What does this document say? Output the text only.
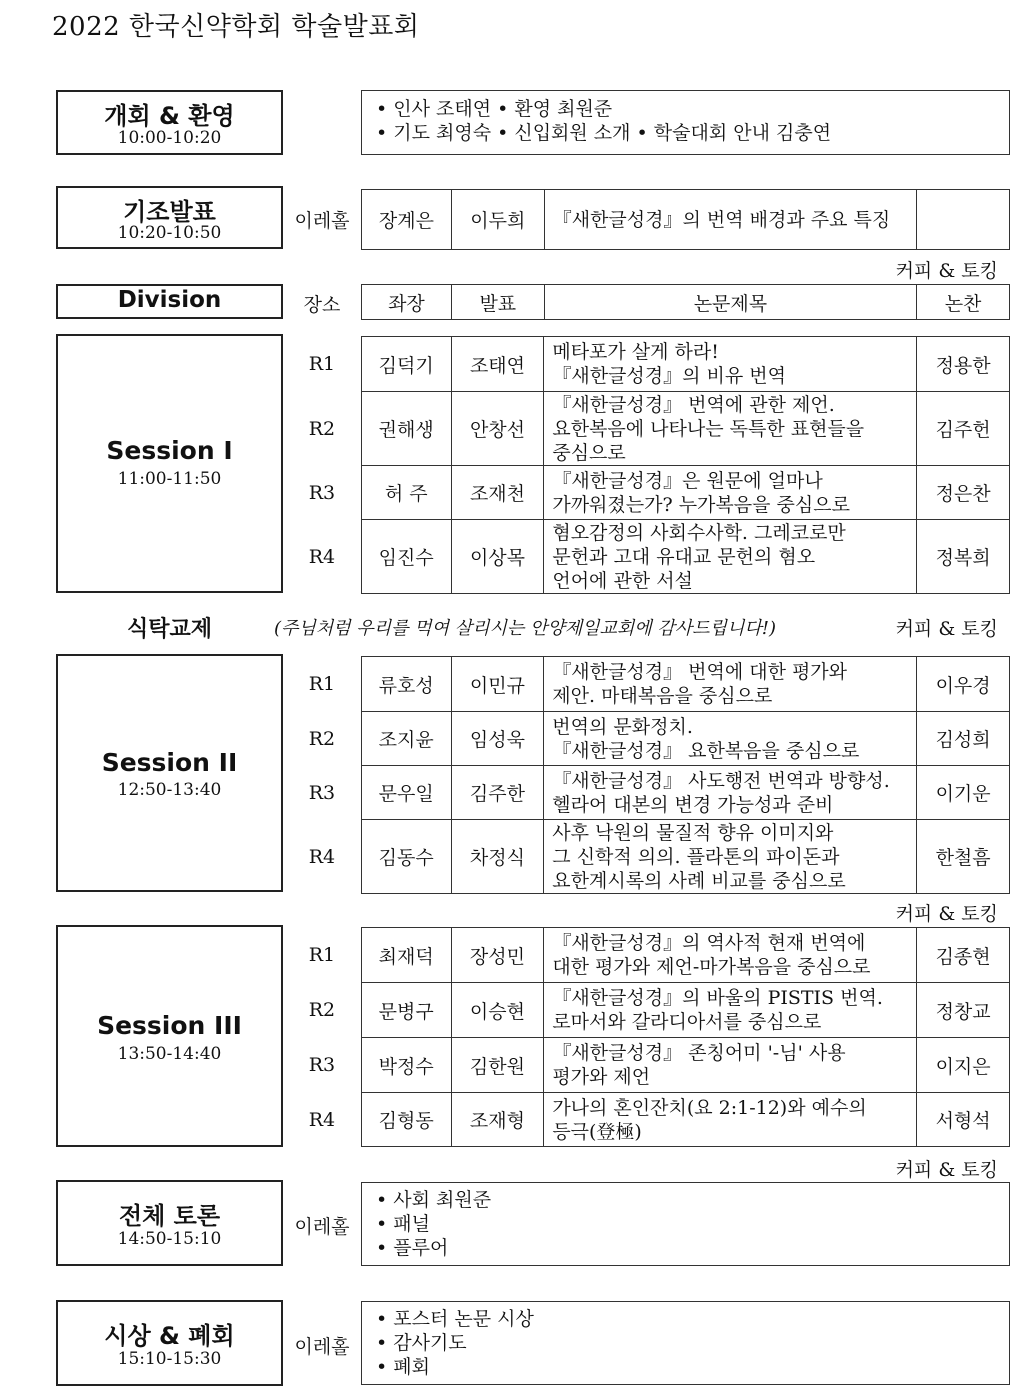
2022 한국신약학회 학술발표회
개회 & 환영
10:00-10:20
• 인사 조태연 • 환영 최원준
• 기도 최영숙 • 신입회원 소개 • 학술대회 안내 김충연
기조발표
10:20-10:50
이레홀	장계은	이두희	『새한글성경』의 번역 배경과 주요 특징	
커피 & 토킹
Division	장소	좌장	발표	논문제목	논찬
Session I
11:00-11:50
R1	김덕기	조태연	메타포가 살게 하라!
『새한글성경』의 비유 번역	정용한
R2	권해생	안창선	『새한글성경』 번역에 관한 제언.
요한복음에 나타나는 독특한 표현들을
중심으로	김주헌
R3	허 주	조재천	『새한글성경』은 원문에 얼마나
가까워졌는가? 누가복음을 중심으로	정은찬
R4	임진수	이상목	혐오감정의 사회수사학. 그레코로만
문헌과 고대 유대교 문헌의 혐오
언어에 관한 서설	정복희
식탁교제	(주님처럼 우리를 먹여 살리시는 안양제일교회에 감사드립니다!)	커피 & 토킹
Session II
12:50-13:40
R1	류호성	이민규	『새한글성경』 번역에 대한 평가와
제안. 마태복음을 중심으로	이우경
R2	조지윤	임성욱	번역의 문화정치.
『새한글성경』 요한복음을 중심으로	김성희
R3	문우일	김주한	『새한글성경』 사도행전 번역과 방향성.
헬라어 대본의 변경 가능성과 준비	이기운
R4	김동수	차정식	사후 낙원의 물질적 향유 이미지와
그 신학적 의의. 플라톤의 파이돈과
요한계시록의 사례 비교를 중심으로	한철흠
커피 & 토킹
Session III
13:50-14:40
R1	최재덕	장성민	『새한글성경』의 역사적 현재 번역에
대한 평가와 제언-마가복음을 중심으로	김종현
R2	문병구	이승현	『새한글성경』의 바울의 PISTIS 번역.
로마서와 갈라디아서를 중심으로	정창교
R3	박정수	김한원	『새한글성경』 존칭어미 '-님' 사용
평가와 제언	이지은
R4	김형동	조재형	가나의 혼인잔치(요 2:1-12)와 예수의
등극(登極)	서형석
커피 & 토킹
전체 토론
14:50-15:10
이레홀
• 사회 최원준
• 패널
• 플루어
시상 & 폐회
15:10-15:30
이레홀
• 포스터 논문 시상
• 감사기도
• 폐회
